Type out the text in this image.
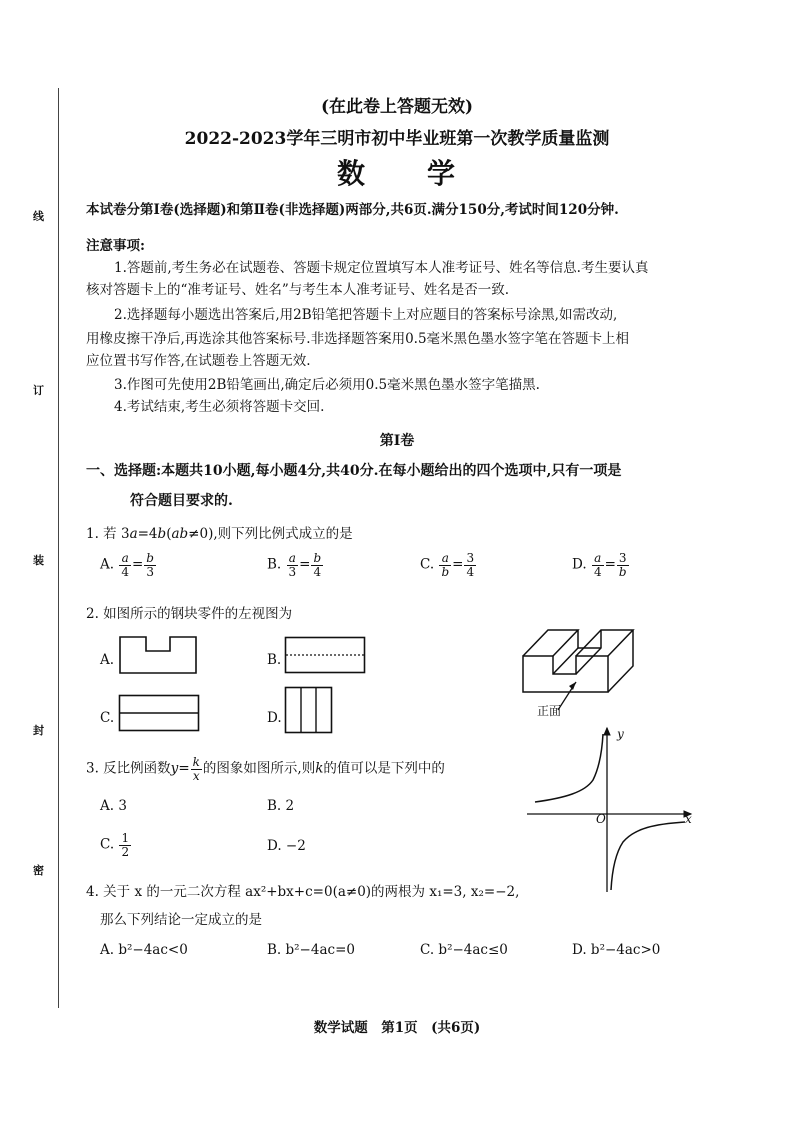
线
订
装
封
密
(在此卷上答题无效)
2022-2023学年三明市初中毕业班第一次教学质量监测
数　　学
本试卷分第Ⅰ卷(选择题)和第Ⅱ卷(非选择题)两部分,共6页.满分150分,考试时间120分钟.
注意事项:
1.答题前,考生务必在试题卷、答题卡规定位置填写本人准考证号、姓名等信息.考生要认真
核对答题卡上的“准考证号、姓名”与考生本人准考证号、姓名是否一致.
2.选择题每小题选出答案后,用2B铅笔把答题卡上对应题目的答案标号涂黑,如需改动,
用橡皮擦干净后,再选涂其他答案标号.非选择题答案用0.5毫米黑色墨水签字笔在答题卡上相
应位置书写作答,在试题卷上答题无效.
3.作图可先使用2B铅笔画出,确定后必须用0.5毫米黑色墨水签字笔描黑.
4.考试结束,考生必须将答题卡交回.
第Ⅰ卷
一、选择题:本题共10小题,每小题4分,共40分.在每小题给出的四个选项中,只有一项是
符合题目要求的.
1. 若 3a=4b(ab≠0),则下列比例式成立的是
A. $\frac{a}{4} = \frac{b}{3}$	B. $\frac{a}{3} = \frac{b}{4}$	C. $\frac{a}{b} = \frac{3}{4}$	D. $\frac{a}{4} = \frac{3}{b}$
2. 如图所示的钢块零件的左视图为
A.	B.
C.	D.	正面
3. 反比例函数$y= \frac{k}{x}$ 的图象如图所示,则k的值可以是下列中的
A. 3	B. 2
C. $\frac{1}{2}$	D. −2
y
x
O
4. 关于 x 的一元二次方程 ax²+bx+c=0(a≠0)的两根为 x₁=3, x₂=−2,
那么下列结论一定成立的是
A. b²−4ac<0	B. b²−4ac=0	C. b²−4ac≤0	D. b²−4ac>0
数学试题　第1页　(共6页)
